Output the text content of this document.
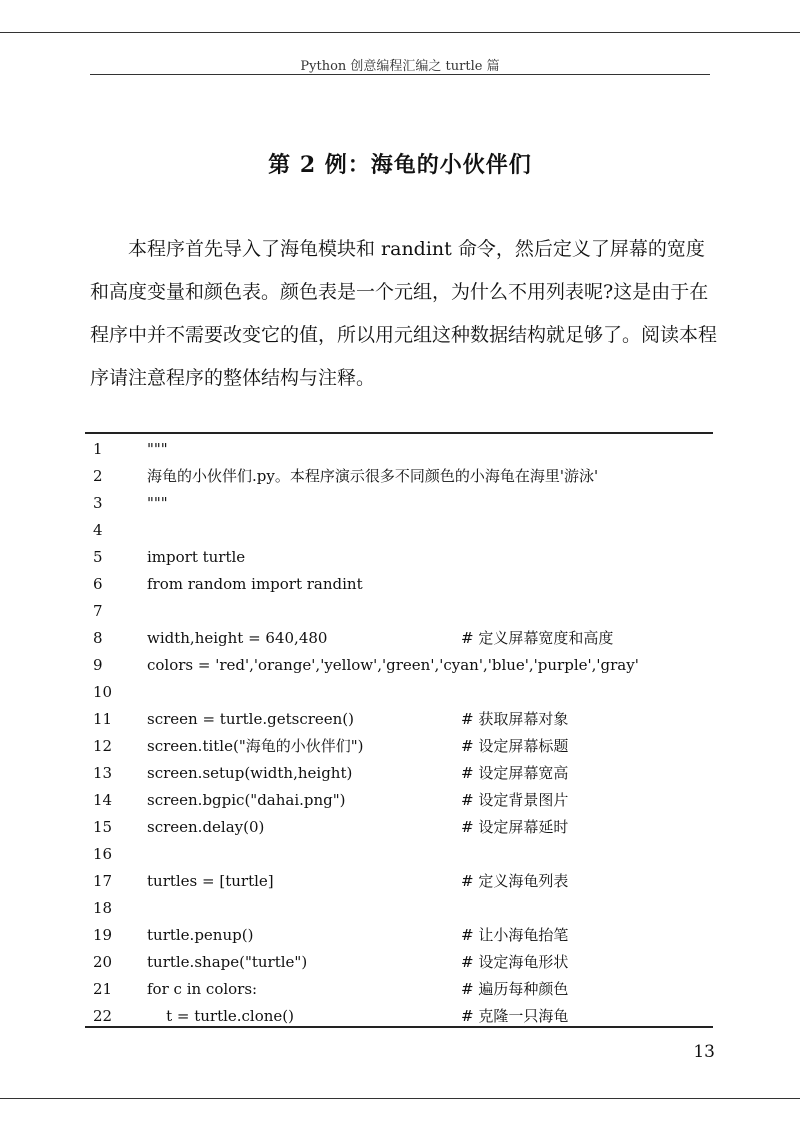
Python 创意编程汇编之 turtle 篇
第 2 例：海龟的小伙伴们

本程序首先导入了海龟模块和 randint 命令，然后定义了屏幕的宽度和高度变量和颜色表。颜色表是一个元组，为什么不用列表呢?这是由于在程序中并不需要改变它的值，所以用元组这种数据结构就足够了。阅读本程序请注意程序的整体结构与注释。

1	"""
2	海龟的小伙伴们.py。本程序演示很多不同颜色的小海龟在海里'游泳'
3	"""
4
5	import turtle
6	from random import randint
7
8	width,height = 640,480	# 定义屏幕宽度和高度
9	colors = 'red','orange','yellow','green','cyan','blue','purple','gray'
10
11 screen = turtle.getscreen()	# 获取屏幕对象
12 screen.title("海龟的小伙伴们")	# 设定屏幕标题
13 screen.setup(width,height)	# 设定屏幕宽高
14 screen.bgpic("dahai.png")	# 设定背景图片
15 screen.delay(0)	# 设定屏幕延时
16
17 turtles = [turtle]	# 定义海龟列表
18
19 turtle.penup()	# 让小海龟抬笔
20 turtle.shape("turtle")	# 设定海龟形状
21 for c in colors:	# 遍历每种颜色
22 t = turtle.clone()	# 克隆一只海龟
13
